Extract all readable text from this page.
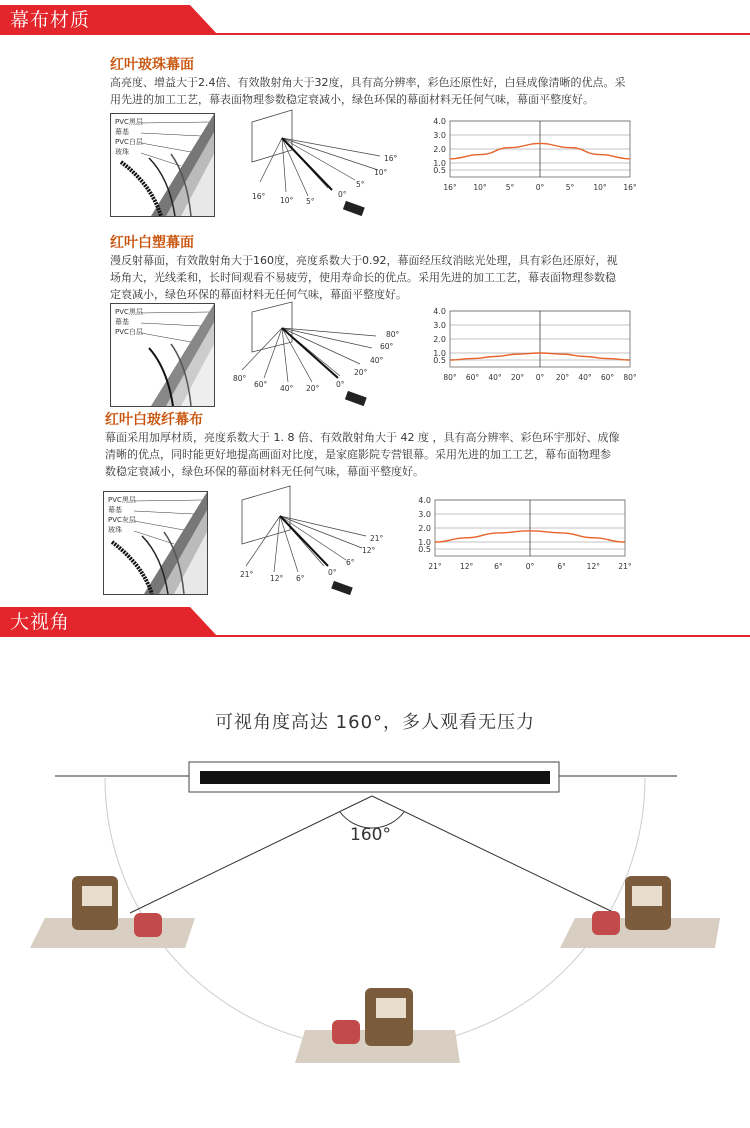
幕布材质
红叶玻珠幕面
高亮度、增益大于2.4倍、有效散射角大于32度，具有高分辨率，彩色还原性好，白昼成像清晰的优点。采
用先进的加工工艺，幕表面物理参数稳定衰减小，绿色环保的幕面材料无任何气味，幕面平整度好。
PVC黑层
幕基
PVC白层
玻珠
16° 10° 5°
0°
5°
10°
16°
4.0
3.0
2.0
1.0
0.5
16° 10°	5°	0°	5°	10° 16°
红叶白塑幕面
漫反射幕面，有效散射角大于160度，亮度系数大于0.92，幕面经压纹消眩光处理，具有彩色还原好，视
场角大，光线柔和，长时间观看不易疲劳，使用寿命长的优点。采用先进的加工工艺，幕表面物理参数稳
定衰减小，绿色环保的幕面材料无任何气味，幕面平整度好。
PVC黑层
幕基
PVC白层
80°
60° 40° 20° 0°
20°
40°
60°
80°
4.0
3.0
2.0
1.0
0.5
80° 60° 40° 20° 0° 20° 40° 60° 80°
红叶白玻纤幕布
幕面采用加厚材质，亮度系数大于 1. 8 倍、有效散射角大于 42 度 ，具有高分辨率、彩色环宇那好、成像
清晰的优点，同时能更好地提高画面对比度，是家庭影院专营银幕。采用先进的加工工艺，幕布面物理参
数稳定衰减小，绿色环保的幕面材料无任何气味，幕面平整度好。
PVC黑层
幕基
PVC灰层
玻珠
21° 12° 6°
0°
6°
12°
21°
4.0
3.0
2.0
1.0
0.5
21° 12°	6°	0°	6°	12° 21°
大视角
可视角度高达 160°，多人观看无压力
160°
